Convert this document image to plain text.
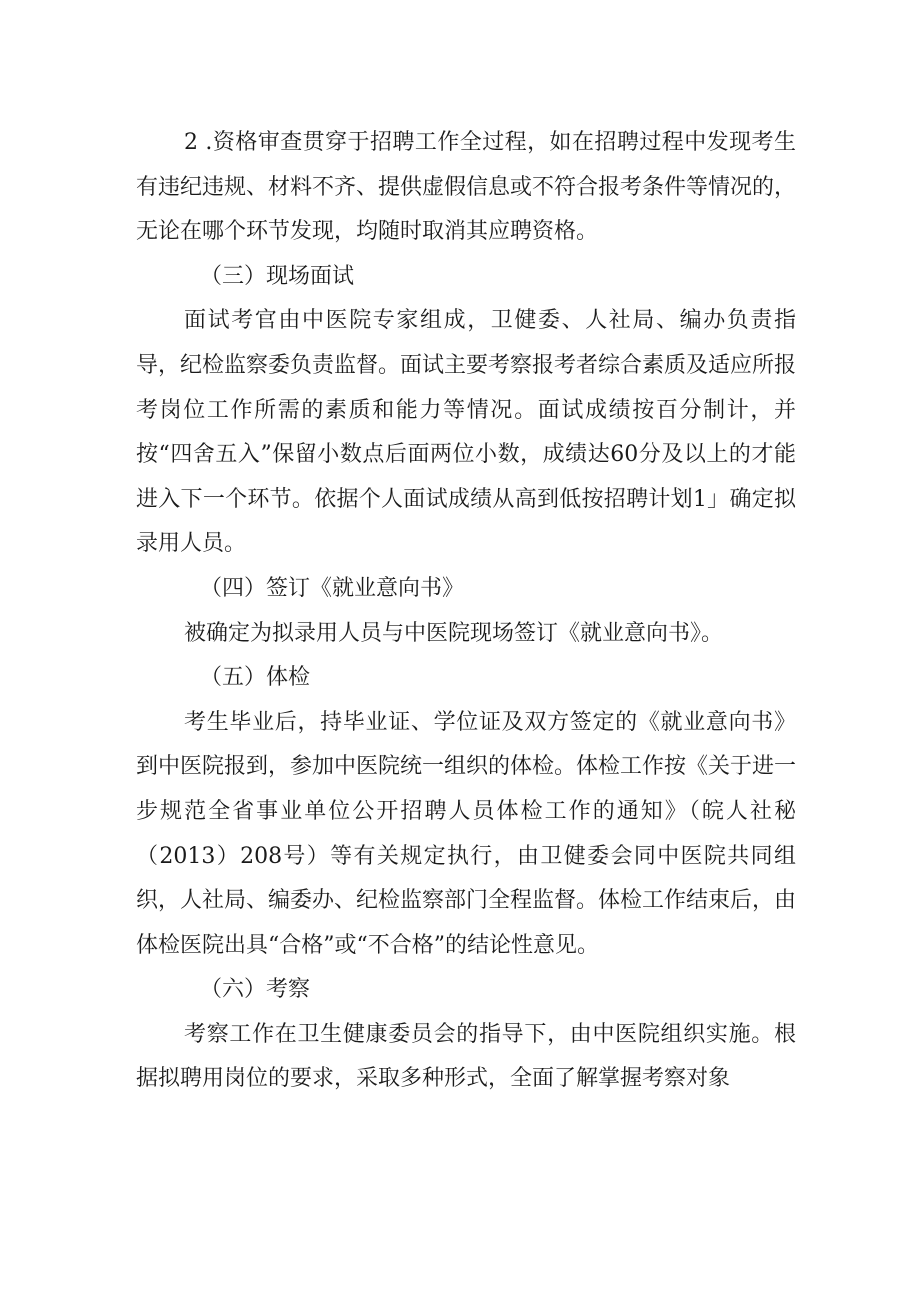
2 .资格审查贯穿于招聘工作全过程，如在招聘过程中发现考生有违纪违规、材料不齐、提供虚假信息或不符合报考条件等情况的，无论在哪个环节发现，均随时取消其应聘资格。

（三）现场面试

面试考官由中医院专家组成，卫健委、人社局、编办负责指导，纪检监察委负责监督。面试主要考察报考者综合素质及适应所报考岗位工作所需的素质和能力等情况。面试成绩按百分制计，并按“四舍五入”保留小数点后面两位小数，成绩达60分及以上的才能进入下一个环节。依据个人面试成绩从高到低按招聘计划1」确定拟录用人员。

（四）签订《就业意向书》

被确定为拟录用人员与中医院现场签订《就业意向书》。

（五）体检

考生毕业后，持毕业证、学位证及双方签定的《就业意向书》到中医院报到，参加中医院统一组织的体检。体检工作按《关于进一步规范全省事业单位公开招聘人员体检工作的通知》（皖人社秘（2013）208号）等有关规定执行，由卫健委会同中医院共同组织，人社局、编委办、纪检监察部门全程监督。体检工作结束后，由体检医院出具“合格”或“不合格”的结论性意见。

（六）考察

考察工作在卫生健康委员会的指导下，由中医院组织实施。根据拟聘用岗位的要求，采取多种形式，全面了解掌握考察对象
